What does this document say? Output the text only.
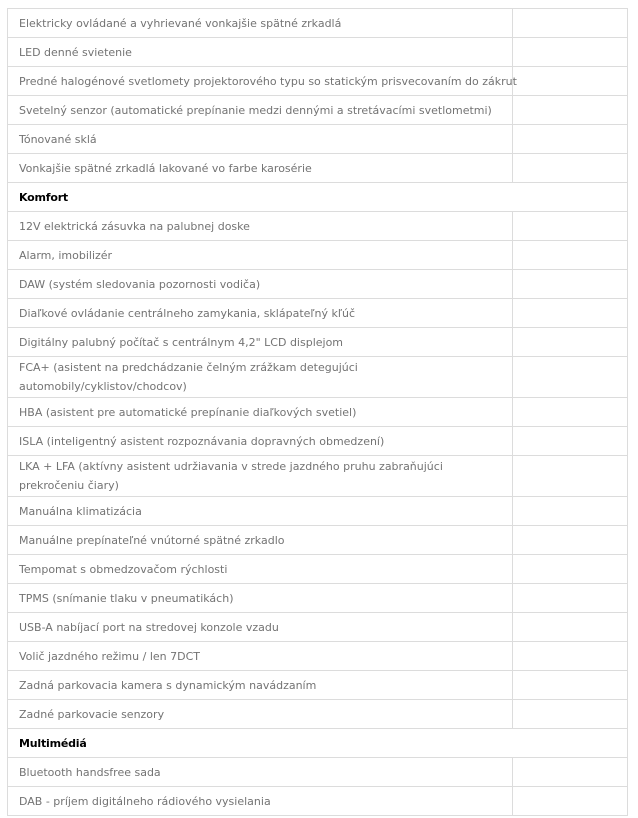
Elektricky ovládané a vyhrievané vonkajšie spätné zrkadlá	
LED denné svietenie	
Predné halogénové svetlomety projektorového typu so statickým prisvecovaním do zákrut	
Svetelný senzor (automatické prepínanie medzi dennými a stretávacími svetlometmi)	
Tónované sklá	
Vonkajšie spätné zrkadlá lakované vo farbe karosérie	
Komfort	
12V elektrická zásuvka na palubnej doske	
Alarm, imobilizér	
DAW (systém sledovania pozornosti vodiča)	
Diaľkové ovládanie centrálneho zamykania, sklápateľný kľúč	
Digitálny palubný počítač s centrálnym 4,2" LCD displejom	
FCA+ (asistent na predchádzanie čelným zrážkam detegujúci automobily/cyklistov/chodcov)	
HBA (asistent pre automatické prepínanie diaľkových svetiel)	
ISLA (inteligentný asistent rozpoznávania dopravných obmedzení)	
LKA + LFA (aktívny asistent udržiavania v strede jazdného pruhu zabraňujúci prekročeniu čiary)	
Manuálna klimatizácia	
Manuálne prepínateľné vnútorné spätné zrkadlo	
Tempomat s obmedzovačom rýchlosti	
TPMS (snímanie tlaku v pneumatikách)	
USB-A nabíjací port na stredovej konzole vzadu	
Volič jazdného režimu / len 7DCT	
Zadná parkovacia kamera s dynamickým navádzaním	
Zadné parkovacie senzory	
Multimédiá	
Bluetooth handsfree sada	
DAB - príjem digitálneho rádiového vysielania	
